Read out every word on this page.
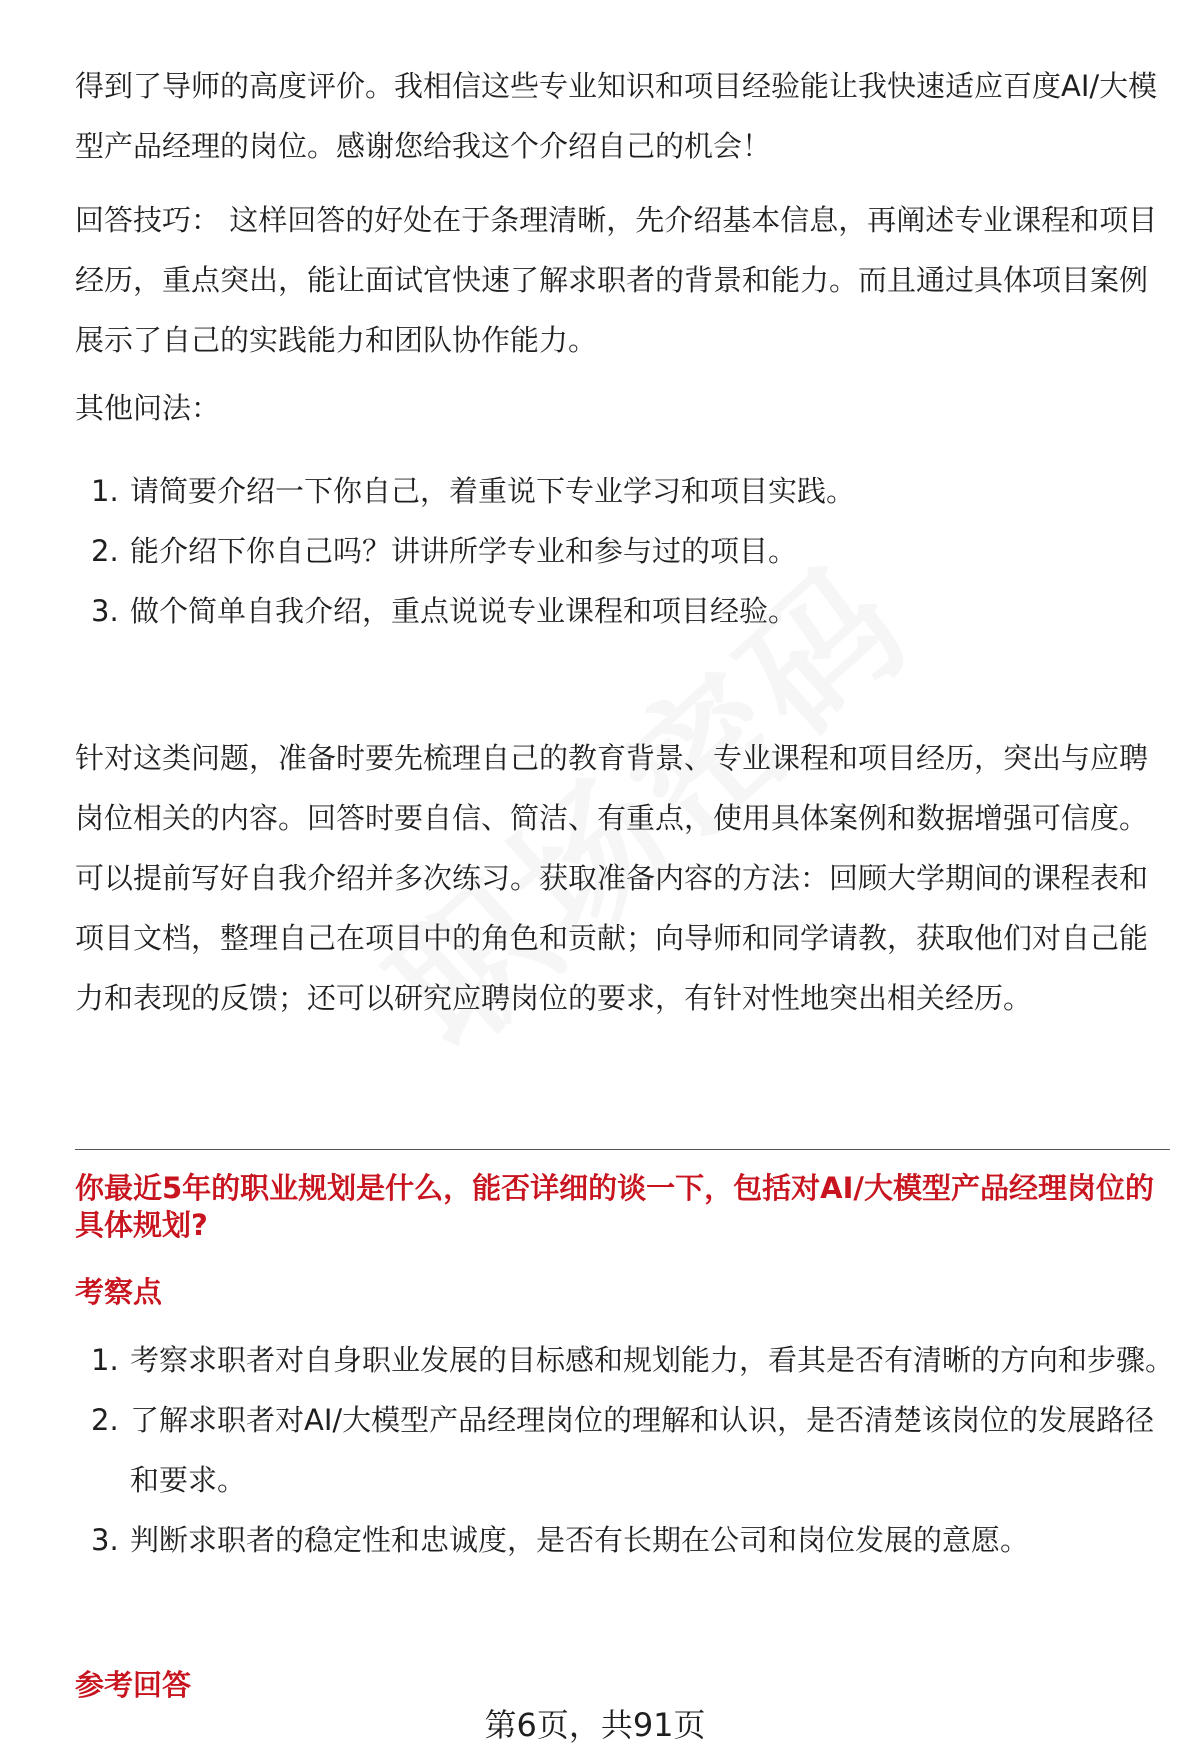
得到了导师的高度评价。我相信这些专业知识和项目经验能让我快速适应百度AI/大模型产品经理的岗位。感谢您给我这个介绍自己的机会！

回答技巧： 这样回答的好处在于条理清晰，先介绍基本信息，再阐述专业课程和项目经历，重点突出，能让面试官快速了解求职者的背景和能力。而且通过具体项目案例展示了自己的实践能力和团队协作能力。

其他问法：

1. 请简要介绍一下你自己，着重说下专业学习和项目实践。
2. 能介绍下你自己吗？讲讲所学专业和参与过的项目。
3. 做个简单自我介绍，重点说说专业课程和项目经验。

针对这类问题，准备时要先梳理自己的教育背景、专业课程和项目经历，突出与应聘岗位相关的内容。回答时要自信、简洁、有重点，使用具体案例和数据增强可信度。可以提前写好自我介绍并多次练习。获取准备内容的方法：回顾大学期间的课程表和项目文档，整理自己在项目中的角色和贡献；向导师和同学请教，获取他们对自己能力和表现的反馈；还可以研究应聘岗位的要求，有针对性地突出相关经历。

你最近5年的职业规划是什么，能否详细的谈一下，包括对AI/大模型产品经理岗位的具体规划?

考察点

1. 考察求职者对自身职业发展的目标感和规划能力，看其是否有清晰的方向和步骤。
2. 了解求职者对AI/大模型产品经理岗位的理解和认识，是否清楚该岗位的发展路径和要求。
3. 判断求职者的稳定性和忠诚度，是否有长期在公司和岗位发展的意愿。

参考回答

第6页，共91页
